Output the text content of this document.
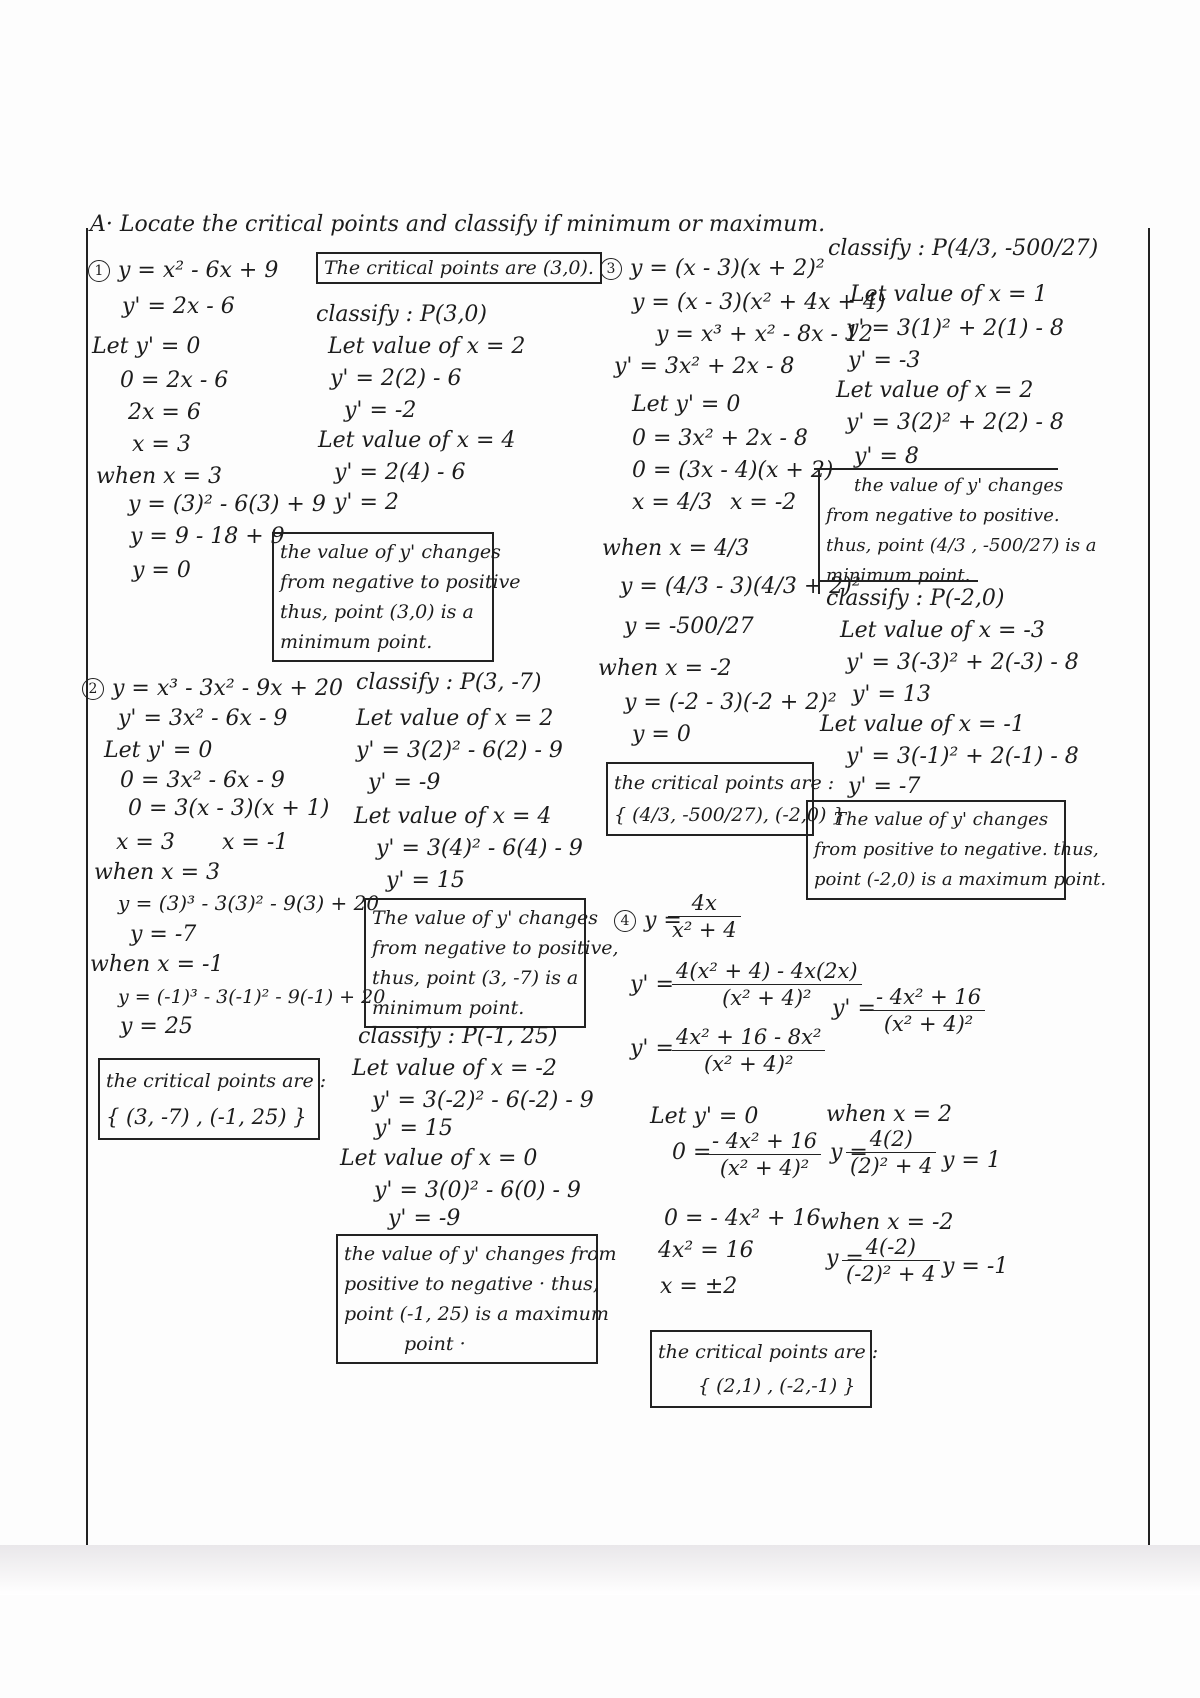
A· Locate the critical points and classify if minimum or maximum.
1 y = x² - 6x + 9
y' = 2x - 6
Let y' = 0
0 = 2x - 6
2x = 6
x = 3
when x = 3
y = (3)² - 6(3) + 9
y = 9 - 18 + 9
y = 0
The critical points are (3,0).
classify : P(3,0)
Let value of x = 2
y' = 2(2) - 6
y' = -2
Let value of x = 4
y' = 2(4) - 6
y' = 2
the value of y' changes
from negative to positive
thus, point (3,0) is a
minimum point.
2 y = x³ - 3x² - 9x + 20
y' = 3x² - 6x - 9
Let y' = 0
0 = 3x² - 6x - 9
0 = 3(x - 3)(x + 1)
x = 3 x = -1
when x = 3
y = (3)³ - 3(3)² - 9(3) + 20
y = -7
when x = -1
y = (-1)³ - 3(-1)² - 9(-1) + 20
y = 25
the critical points are :
{ (3, -7) , (-1, 25) }
classify : P(3, -7)
Let value of x = 2
y' = 3(2)² - 6(2) - 9
y' = -9
Let value of x = 4
y' = 3(4)² - 6(4) - 9
y' = 15
The value of y' changes
from negative to positive,
thus, point (3, -7) is a
minimum point.
classify : P(-1, 25)
Let value of x = -2
y' = 3(-2)² - 6(-2) - 9
y' = 15
Let value of x = 0
y' = 3(0)² - 6(0) - 9
y' = -9
the value of y' changes from
positive to negative · thus,
point (-1, 25) is a maximum
point ·
3 y = (x - 3)(x + 2)²
y = (x - 3)(x² + 4x + 4)
y = x³ + x² - 8x - 12
y' = 3x² + 2x - 8
Let y' = 0
0 = 3x² + 2x - 8
0 = (3x - 4)(x + 2)
x = 4/3 x = -2
when x = 4/3
y = (4/3 - 3)(4/3 + 2)²
y = -500/27
when x = -2
y = (-2 - 3)(-2 + 2)²
y = 0
the critical points are :
{ (4/3, -500/27), (-2,0) }
classify : P(4/3, -500/27)
Let value of x = 1
y' = 3(1)² + 2(1) - 8
y' = -3
Let value of x = 2
y' = 3(2)² + 2(2) - 8
y' = 8
the value of y' changes
from negative to positive.
thus, point (4/3 , -500/27) is a
minimum point.
classify : P(-2,0)
Let value of x = -3
y' = 3(-3)² + 2(-3) - 8
y' = 13
Let value of x = -1
y' = 3(-1)² + 2(-1) - 8
y' = -7
The value of y' changes
from positive to negative. thus,
point (-2,0) is a maximum point.
4 y =
$\frac{4x}{\text{x² + 4}}$
y' =
$\frac{\text{4(x² + 4) - 4x(2x)}}{\text{(x² + 4)²}}$
y' =
$\frac{\text{4x² + 16 - 8x²}}{\text{(x² + 4)²}}$
y' =
$\frac{\text{- 4x² + 16}}{\text{(x² + 4)²}}$
Let y' = 0
0 =
$\frac{\text{- 4x² + 16}}{\text{(x² + 4)²}}$
0 = - 4x² + 16
4x² = 16
x = ±2
when x = 2
y =
$\frac{4(2)}{\text{(2)² + 4}}$ y = 1
when x = -2
y =
$\frac{4(-2)}{\text{(-2)² + 4}}$ y = -1
the critical points are :
{ (2,1) , (-2,-1) }
